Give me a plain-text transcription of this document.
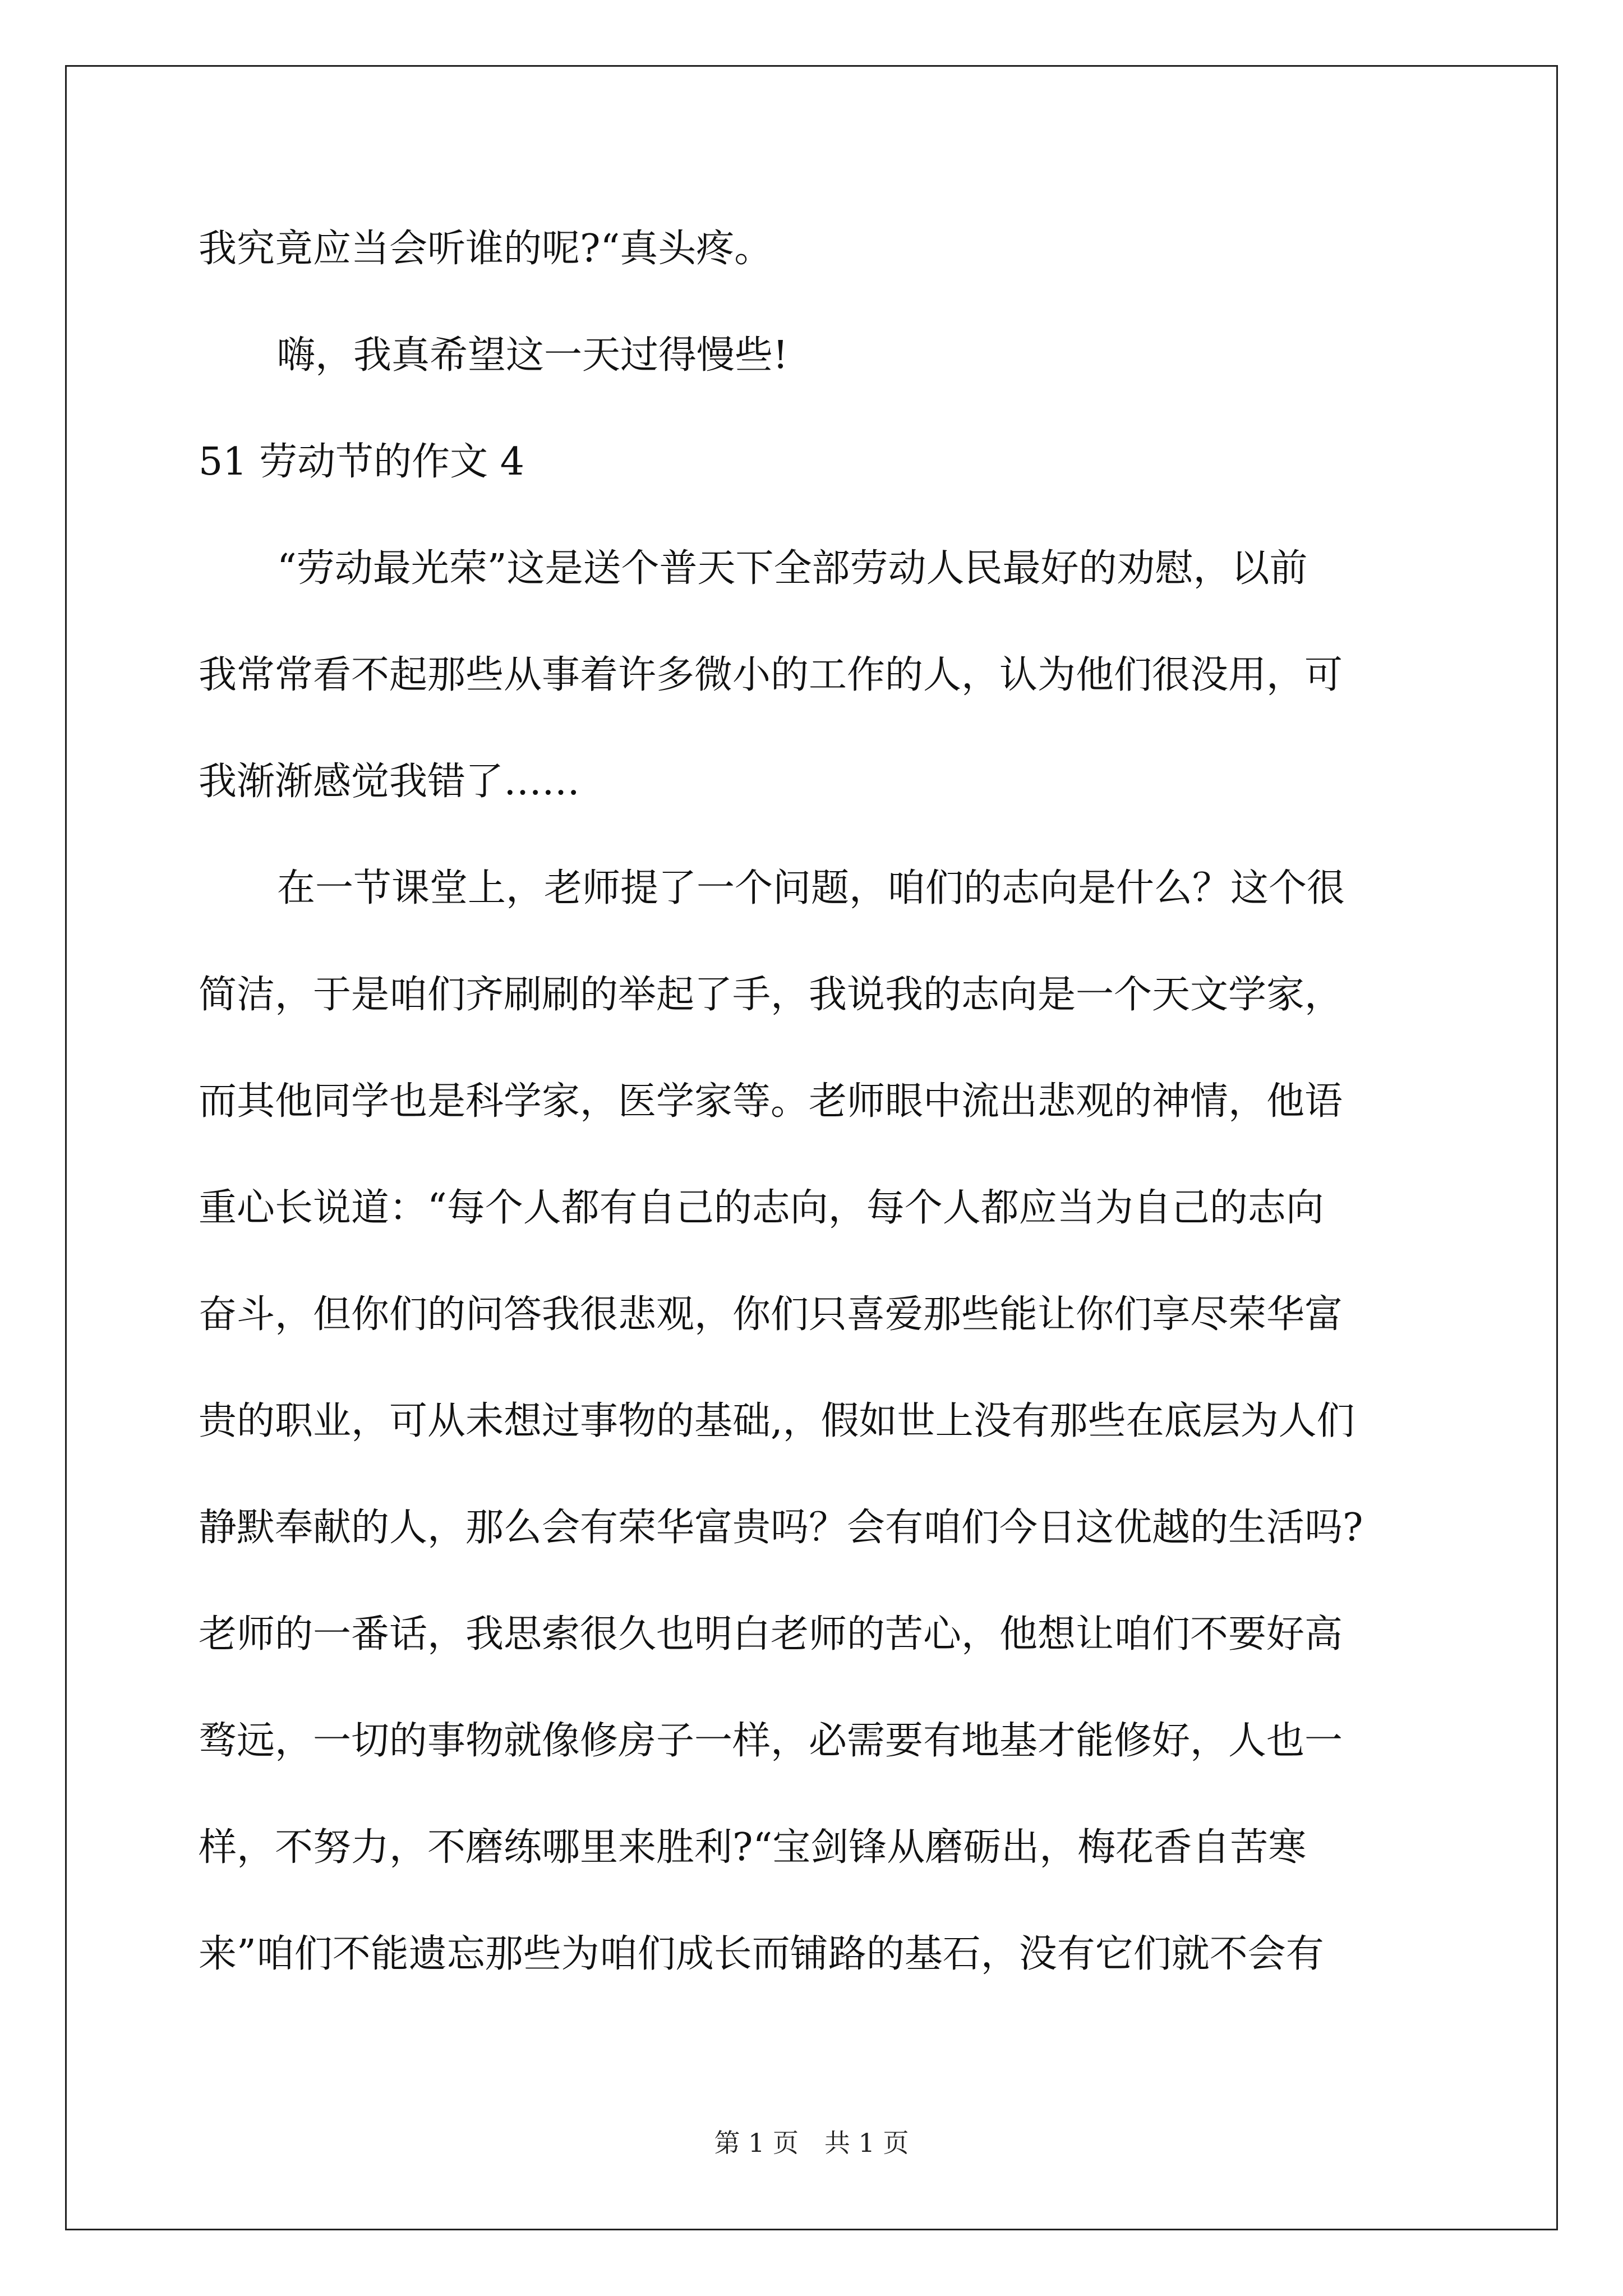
我究竟应当会听谁的呢?“真头疼。
嗨，我真希望这一天过得慢些!
51 劳动节的作文 4
“劳动最光荣”这是送个普天下全部劳动人民最好的劝慰，以前
我常常看不起那些从事着许多微小的工作的人，认为他们很没用，可
我渐渐感觉我错了……
在一节课堂上，老师提了一个问题，咱们的志向是什么？这个很
简洁，于是咱们齐刷刷的举起了手，我说我的志向是一个天文学家，
而其他同学也是科学家，医学家等。老师眼中流出悲观的神情，他语
重心长说道：“每个人都有自己的志向，每个人都应当为自己的志向
奋斗，但你们的问答我很悲观，你们只喜爱那些能让你们享尽荣华富
贵的职业，可从未想过事物的基础,，假如世上没有那些在底层为人们
静默奉献的人，那么会有荣华富贵吗？会有咱们今日这优越的生活吗?
老师的一番话，我思索很久也明白老师的苦心，他想让咱们不要好高
骛远，一切的事物就像修房子一样，必需要有地基才能修好，人也一
样，不努力，不磨练哪里来胜利?“宝剑锋从磨砺出，梅花香自苦寒
来”咱们不能遗忘那些为咱们成长而铺路的基石，没有它们就不会有
第 1 页　共 1 页
